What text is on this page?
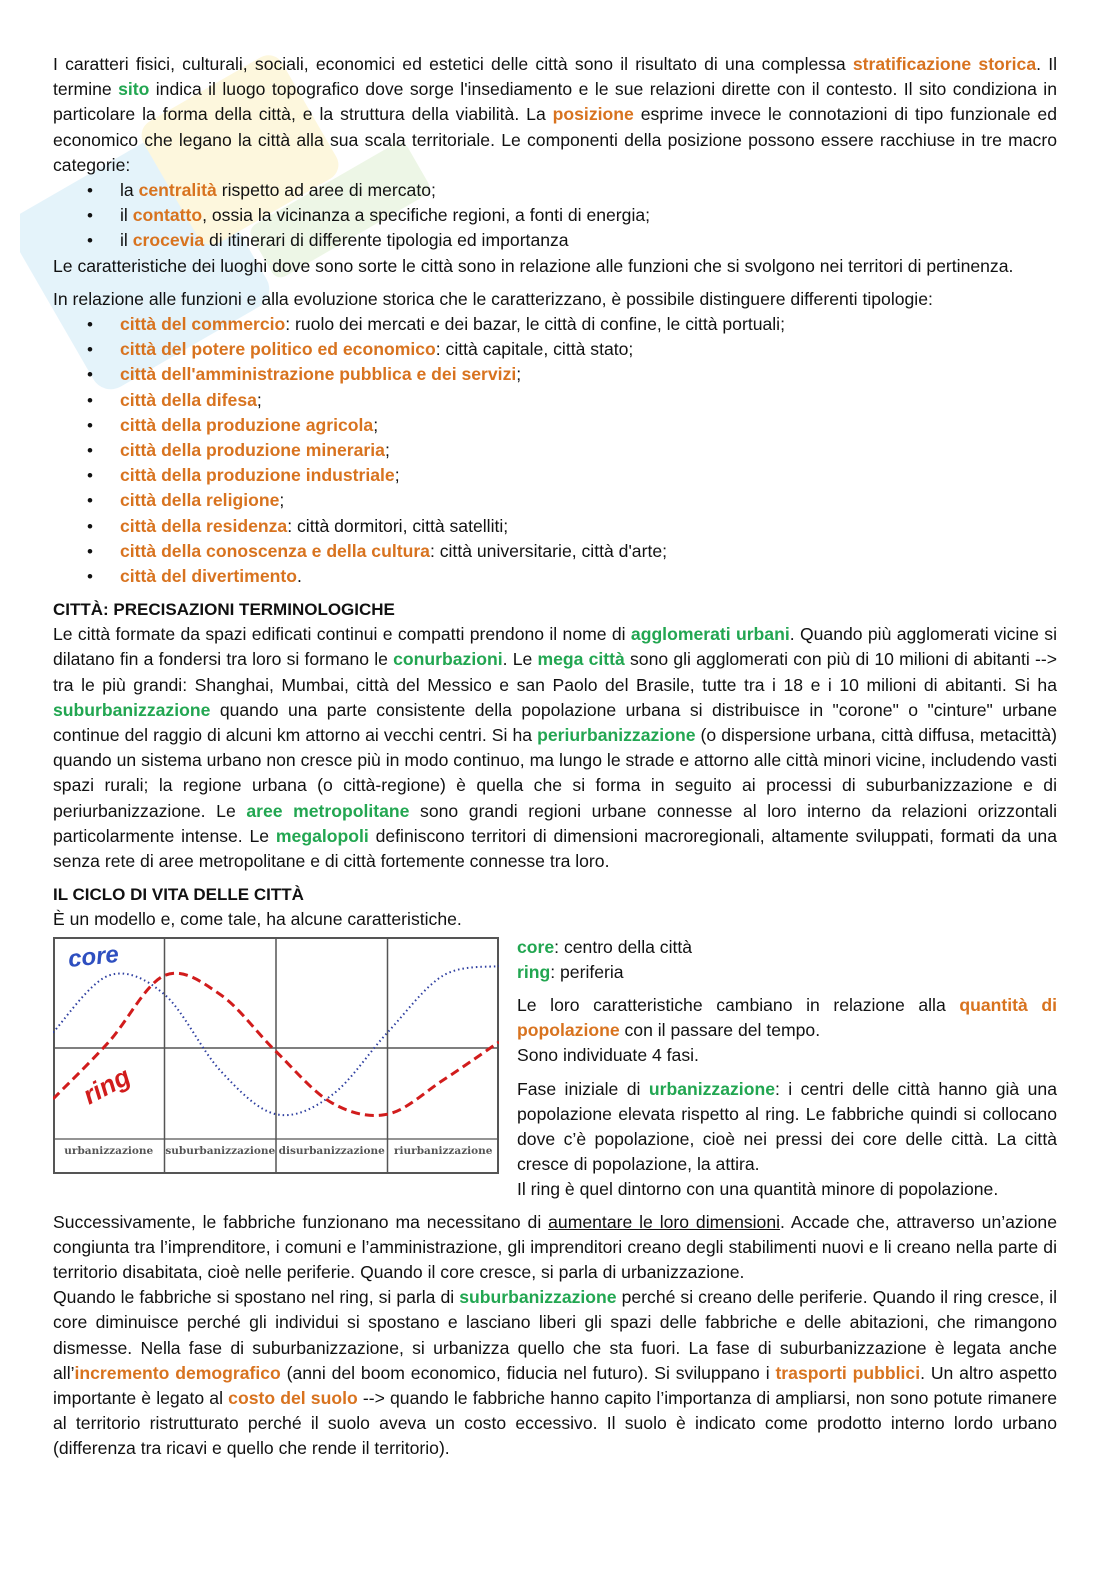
I caratteri fisici, culturali, sociali, economici ed estetici delle città sono il risultato di una complessa stratificazione storica. Il termine sito indica il luogo topografico dove sorge l'insediamento e le sue relazioni dirette con il contesto. Il sito condiziona in particolare la forma della città, e la struttura della viabilità. La posizione esprime invece le connotazioni di tipo funzionale ed economico che legano la città alla sua scala territoriale. Le componenti della posizione possono essere racchiuse in tre macro categorie:

• la centralità rispetto ad aree di mercato;
• il contatto, ossia la vicinanza a specifiche regioni, a fonti di energia;
• il crocevia di itinerari di differente tipologia ed importanza

Le caratteristiche dei luoghi dove sono sorte le città sono in relazione alle funzioni che si svolgono nei territori di pertinenza.

In relazione alle funzioni e alla evoluzione storica che le caratterizzano, è possibile distinguere differenti tipologie:

• città del commercio: ruolo dei mercati e dei bazar, le città di confine, le città portuali;
• città del potere politico ed economico: città capitale, città stato;
• città dell'amministrazione pubblica e dei servizi;
• città della difesa;
• città della produzione agricola;
• città della produzione mineraria;
• città della produzione industriale;
• città della religione;
• città della residenza: città dormitori, città satelliti;
• città della conoscenza e della cultura: città universitarie, città d'arte;
• città del divertimento.
CITTÀ: PRECISAZIONI TERMINOLOGICHE

Le città formate da spazi edificati continui e compatti prendono il nome di agglomerati urbani. Quando più agglomerati vicine si dilatano fin a fondersi tra loro si formano le conurbazioni. Le mega città sono gli agglomerati con più di 10 milioni di abitanti --> tra le più grandi: Shanghai, Mumbai, città del Messico e san Paolo del Brasile, tutte tra i 18 e i 10 milioni di abitanti. Si ha suburbanizzazione quando una parte consistente della popolazione urbana si distribuisce in "corone" o "cinture" urbane continue del raggio di alcuni km attorno ai vecchi centri. Si ha periurbanizzazione (o dispersione urbana, città diffusa, metacittà) quando un sistema urbano non cresce più in modo continuo, ma lungo le strade e attorno alle città minori vicine, includendo vasti spazi rurali; la regione urbana (o città-regione) è quella che si forma in seguito ai processi di suburbanizzazione e di periurbanizzazione. Le aree metropolitane sono grandi regioni urbane connesse al loro interno da relazioni orizzontali particolarmente intense. Le megalopoli definiscono territori di dimensioni macroregionali, altamente sviluppati, formati da una senza rete di aree metropolitane e di città fortemente connesse tra loro.

IL CICLO DI VITA DELLE CITTÀ

È un modello e, come tale, ha alcune caratteristiche.

core
ring
urbanizzazione suburbanizzazione disurbanizzazione riurbanizzazione

core: centro della città

ring: periferia

Le loro caratteristiche cambiano in relazione alla quantità di popolazione con il passare del tempo.

Sono individuate 4 fasi.

Fase iniziale di urbanizzazione: i centri delle città hanno già una popolazione elevata rispetto al ring. Le fabbriche quindi si collocano dove c’è popolazione, cioè nei pressi dei core delle città. La città cresce di popolazione, la attira.

Il ring è quel dintorno con una quantità minore di popolazione.

Successivamente, le fabbriche funzionano ma necessitano di aumentare le loro dimensioni. Accade che, attraverso un’azione congiunta tra l’imprenditore, i comuni e l’amministrazione, gli imprenditori creano degli stabilimenti nuovi e li creano nella parte di territorio disabitata, cioè nelle periferie. Quando il core cresce, si parla di urbanizzazione.

Quando le fabbriche si spostano nel ring, si parla di suburbanizzazione perché si creano delle periferie. Quando il ring cresce, il core diminuisce perché gli individui si spostano e lasciano liberi gli spazi delle fabbriche e delle abitazioni, che rimangono dismesse. Nella fase di suburbanizzazione, si urbanizza quello che sta fuori. La fase di suburbanizzazione è legata anche all’incremento demografico (anni del boom economico, fiducia nel futuro). Si sviluppano i trasporti pubblici. Un altro aspetto importante è legato al costo del suolo --> quando le fabbriche hanno capito l’importanza di ampliarsi, non sono potute rimanere al territorio ristrutturato perché il suolo aveva un costo eccessivo. Il suolo è indicato come prodotto interno lordo urbano (differenza tra ricavi e quello che rende il territorio).
